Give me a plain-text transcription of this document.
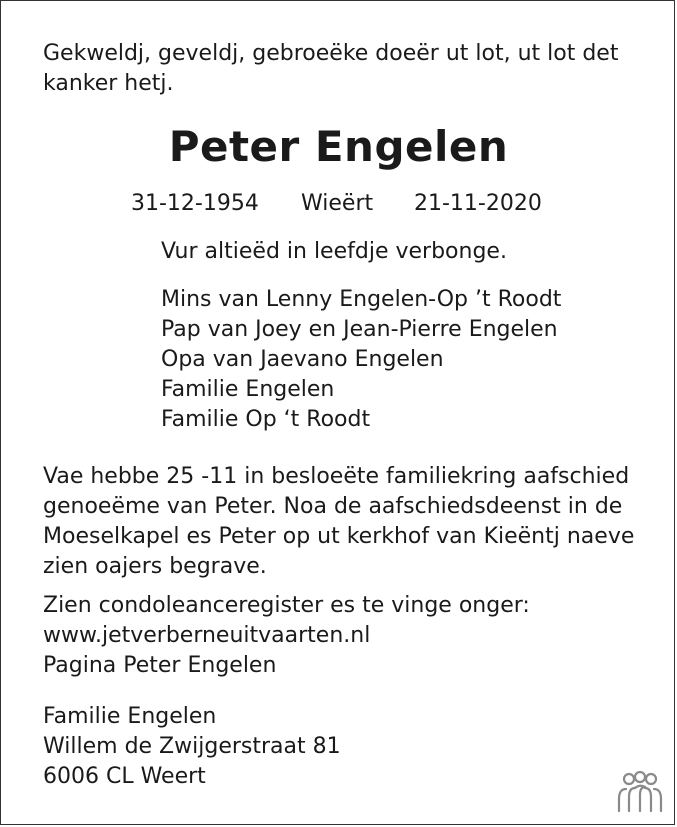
Gekweldj, geveldj, gebroeëke doeër ut lot, ut lot det kanker hetj.

Peter Engelen
31-12-1954 Wieërt 21-11-2020
Vur altieëd in leefdje verbonge.
Mins van Lenny Engelen-Op ’t Roodt
Pap van Joey en Jean-Pierre Engelen
Opa van Jaevano Engelen
Familie Engelen
Familie Op ‘t Roodt

Vae hebbe 25 -11 in besloeëte familiekring aafschied genoeëme van Peter. Noa de aafschiedsdeenst in de Moeselkapel es Peter op ut kerkhof van Kieëntj naeve zien oajers begrave.

Zien condoleanceregister es te vinge onger:
www.jetverberneuitvaarten.nl
Pagina Peter Engelen
Familie Engelen
Willem de Zwijgerstraat 81
6006 CL Weert
